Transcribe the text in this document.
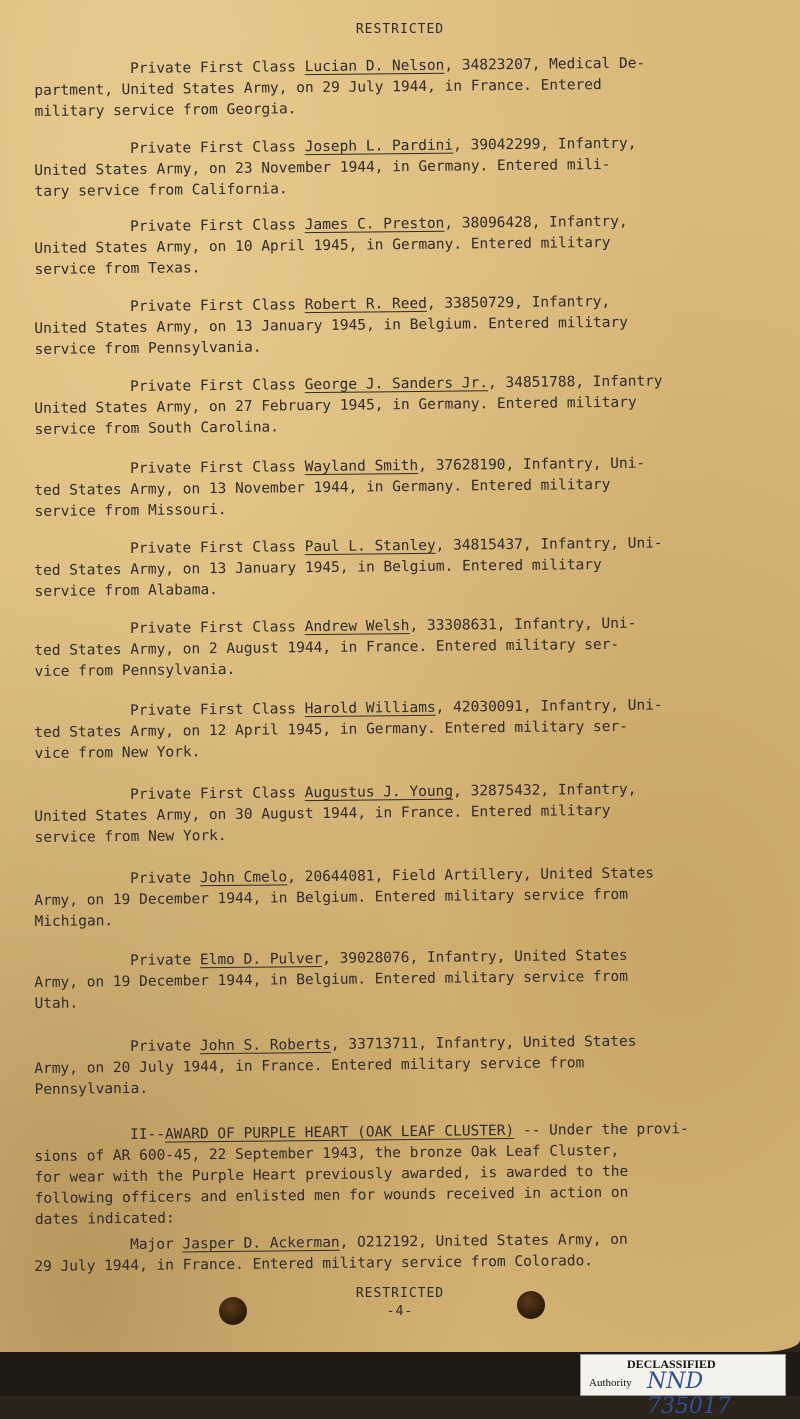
RESTRICTED
Private First Class Lucian D. Nelson, 34823207, Medical De-
partment, United States Army, on 29 July 1944, in France. Entered
military service from Georgia.
Private First Class Joseph L. Pardini, 39042299, Infantry,
United States Army, on 23 November 1944, in Germany. Entered mili-
tary service from California.
Private First Class James C. Preston, 38096428, Infantry,
United States Army, on 10 April 1945, in Germany. Entered military
service from Texas.
Private First Class Robert R. Reed, 33850729, Infantry,
United States Army, on 13 January 1945, in Belgium. Entered military
service from Pennsylvania.
Private First Class George J. Sanders Jr., 34851788, Infantry
United States Army, on 27 February 1945, in Germany. Entered military
service from South Carolina.
Private First Class Wayland Smith, 37628190, Infantry, Uni-
ted States Army, on 13 November 1944, in Germany. Entered military
service from Missouri.
Private First Class Paul L. Stanley, 34815437, Infantry, Uni-
ted States Army, on 13 January 1945, in Belgium. Entered military
service from Alabama.
Private First Class Andrew Welsh, 33308631, Infantry, Uni-
ted States Army, on 2 August 1944, in France. Entered military ser-
vice from Pennsylvania.
Private First Class Harold Williams, 42030091, Infantry, Uni-
ted States Army, on 12 April 1945, in Germany. Entered military ser-
vice from New York.
Private First Class Augustus J. Young, 32875432, Infantry,
United States Army, on 30 August 1944, in France. Entered military
service from New York.
Private John Cmelo, 20644081, Field Artillery, United States
Army, on 19 December 1944, in Belgium. Entered military service from
Michigan.
Private Elmo D. Pulver, 39028076, Infantry, United States
Army, on 19 December 1944, in Belgium. Entered military service from
Utah.
Private John S. Roberts, 33713711, Infantry, United States
Army, on 20 July 1944, in France. Entered military service from
Pennsylvania.
II--AWARD OF PURPLE HEART (OAK LEAF CLUSTER) -- Under the provi-
sions of AR 600-45, 22 September 1943, the bronze Oak Leaf Cluster,
for wear with the Purple Heart previously awarded, is awarded to the
following officers and enlisted men for wounds received in action on
dates indicated:
Major Jasper D. Ackerman, O212192, United States Army, on
29 July 1944, in France. Entered military service from Colorado.
RESTRICTED
-4-
DECLASSIFIED
Authority NND 735017
